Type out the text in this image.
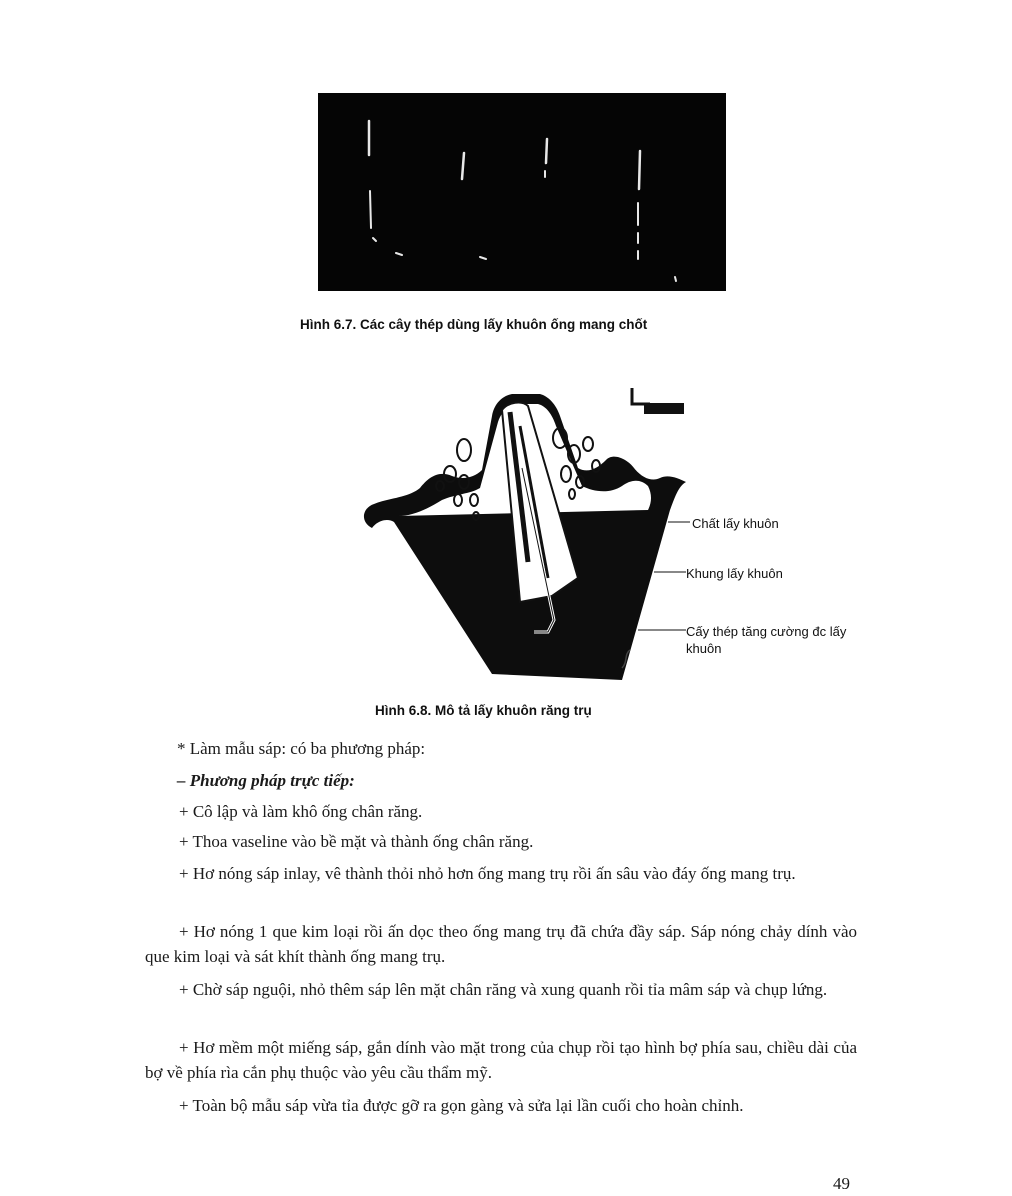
Hình 6.7. Các cây thép dùng lấy khuôn ống mang chốt
Chất lấy khuôn
Khung lấy khuôn
Cấy thép tăng cường đc lấy khuôn
Hình 6.8. Mô tả lấy khuôn răng trụ

* Làm mẫu sáp: có ba phương pháp:

– Phương pháp trực tiếp:

+ Cô lập và làm khô ống chân răng.

+ Thoa vaseline vào bề mặt và thành ống chân răng.

+ Hơ nóng sáp inlay, vê thành thỏi nhỏ hơn ống mang trụ rồi ấn sâu vào đáy ống mang trụ.

+ Hơ nóng 1 que kim loại rồi ấn dọc theo ống mang trụ đã chứa đầy sáp. Sáp nóng chảy dính vào que kim loại và sát khít thành ống mang trụ.

+ Chờ sáp nguội, nhỏ thêm sáp lên mặt chân răng và xung quanh rồi tỉa mâm sáp và chụp lứng.

+ Hơ mềm một miếng sáp, gắn dính vào mặt trong của chụp rồi tạo hình bợ phía sau, chiều dài của bợ về phía rìa cắn phụ thuộc vào yêu cầu thẩm mỹ.

+ Toàn bộ mẫu sáp vừa tỉa được gỡ ra gọn gàng và sửa lại lần cuối cho hoàn chỉnh.

49
